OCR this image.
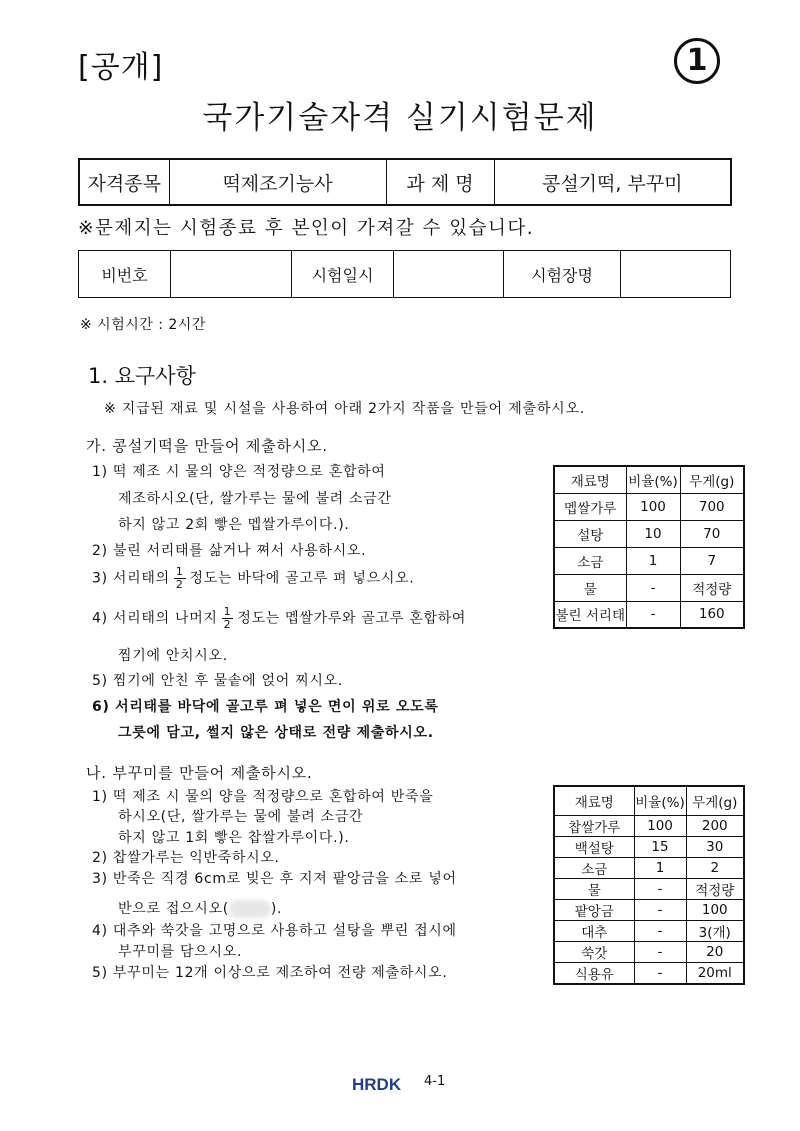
[공개]	1
국가기술자격 실기시험문제
자격종목	떡제조기능사	과 제 명	콩설기떡, 부꾸미
※문제지는 시험종료 후 본인이 가져갈 수 있습니다.
비번호		시험일시		시험장명	
※ 시험시간 : 2시간
1. 요구사항
※ 지급된 재료 및 시설을 사용하여 아래 2가지 작품을 만들어 제출하시오.
가. 콩설기떡을 만들어 제출하시오.
1) 떡 제조 시 물의 양은 적정량으로 혼합하여
제조하시오(단, 쌀가루는 물에 불려 소금간
하지 않고 2회 빻은 멥쌀가루이다.).
2) 불린 서리태를 삶거나 쪄서 사용하시오.
3) 서리태의 $\frac{1}{2}$ 정도는 바닥에 골고루 펴 넣으시오.
4) 서리태의 나머지 $\frac{1}{2}$ 정도는 멥쌀가루와 골고루 혼합하여
찜기에 안치시오.
5) 찜기에 안친 후 물솥에 얹어 찌시오.
6) 서리태를 바닥에 골고루 펴 넣은 면이 위로 오도록
그릇에 담고, 썰지 않은 상태로 전량 제출하시오.
재료명	비율(%)	무게(g)
멥쌀가루	100	700
설탕	10	70
소금	1	7
물	-	적정량
불린 서리태	-	160
나. 부꾸미를 만들어 제출하시오.
1) 떡 제조 시 물의 양을 적정량으로 혼합하여 반죽을
하시오(단, 쌀가루는 물에 불려 소금간
하지 않고 1회 빻은 찹쌀가루이다.).
2) 찹쌀가루는 익반죽하시오.
3) 반죽은 직경 6cm로 빚은 후 지져 팥앙금을 소로 넣어
반으로 접으시오(	).
4) 대추와 쑥갓을 고명으로 사용하고 설탕을 뿌린 접시에
부꾸미를 담으시오.
5) 부꾸미는 12개 이상으로 제조하여 전량 제출하시오.
재료명	비율(%)	무게(g)
찹쌀가루	100	200
백설탕	15	30
소금	1	2
물	-	적정량
팥앙금	-	100
대추	-	3(개)
쑥갓	-	20
식용유	-	20ml
HRDK 4-1
